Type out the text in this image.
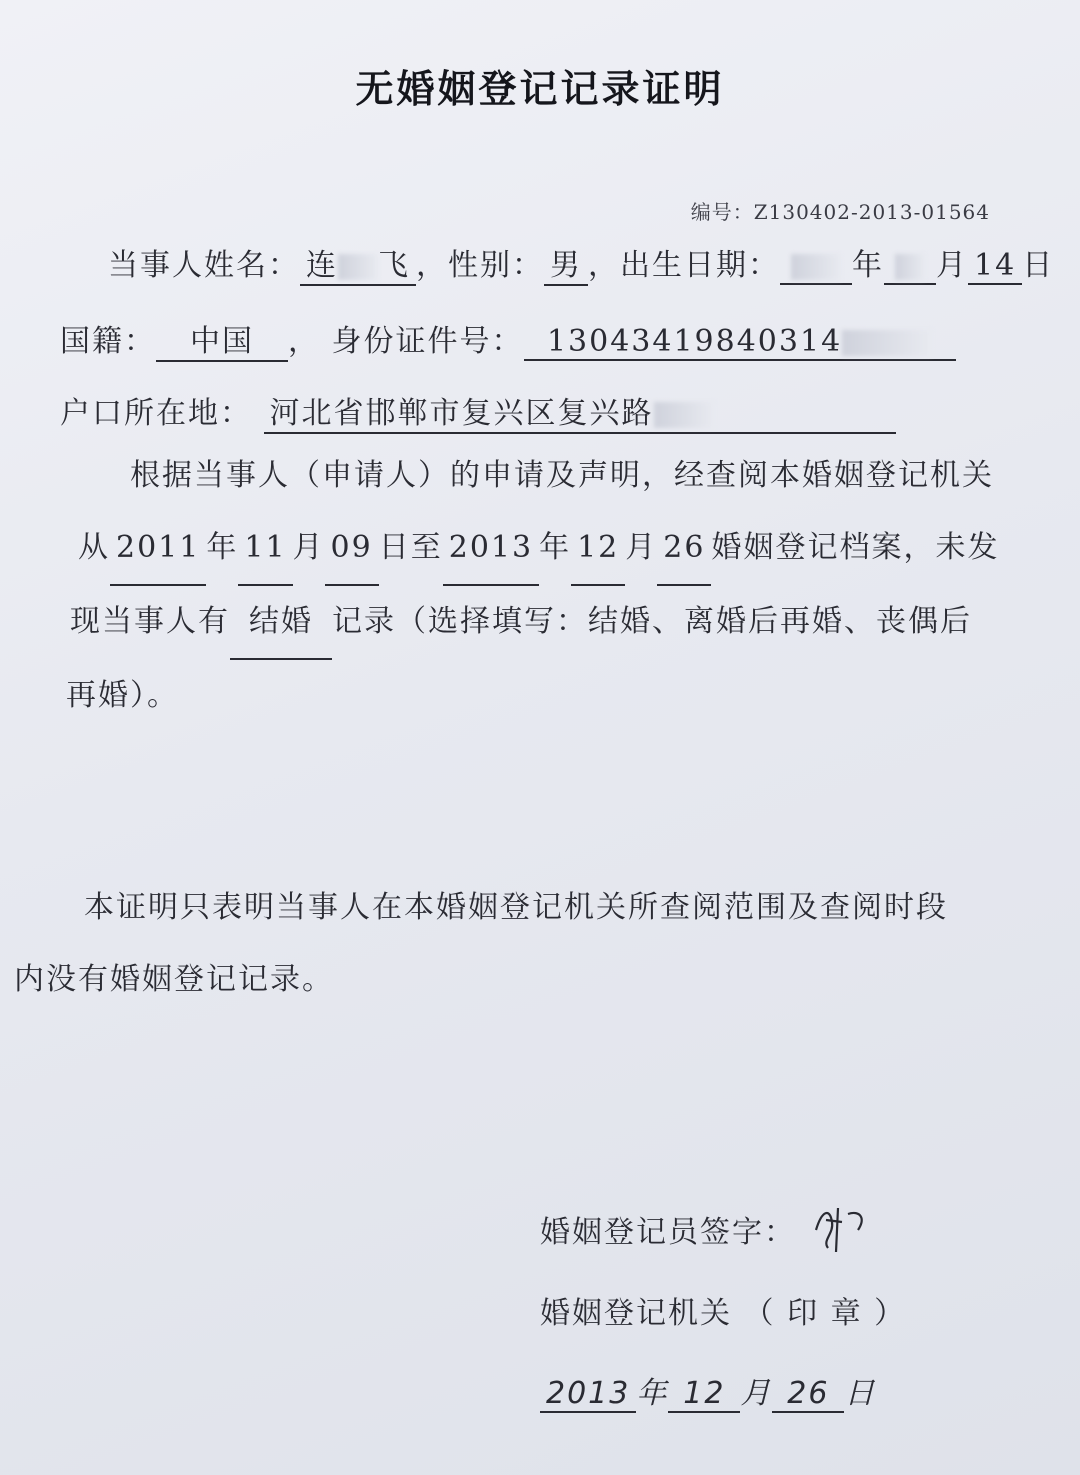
无婚姻登记记录证明
编号：Z130402-2013-01564
当事人姓名： 连 飞 ，性别： 男 ，出生日期： 年 月 14 日
国籍： 中国 ， 身份证件号： 13043419840314
户口所在地： 河北省邯郸市复兴区复兴路
根据当事人（申请人）的申请及声明，经查阅本婚姻登记机关
从 2011 年 11 月 09 日至 2013 年 12 月 26 婚姻登记档案，未发
现当事人有 结婚 记录（选择填写：结婚、离婚后再婚、丧偶后
再婚）。
本证明只表明当事人在本婚姻登记机关所查阅范围及查阅时段
内没有婚姻登记记录。
婚姻登记员签字：
婚姻登记机关 （ 印 章 ）
2013 年 12 月 26 日
